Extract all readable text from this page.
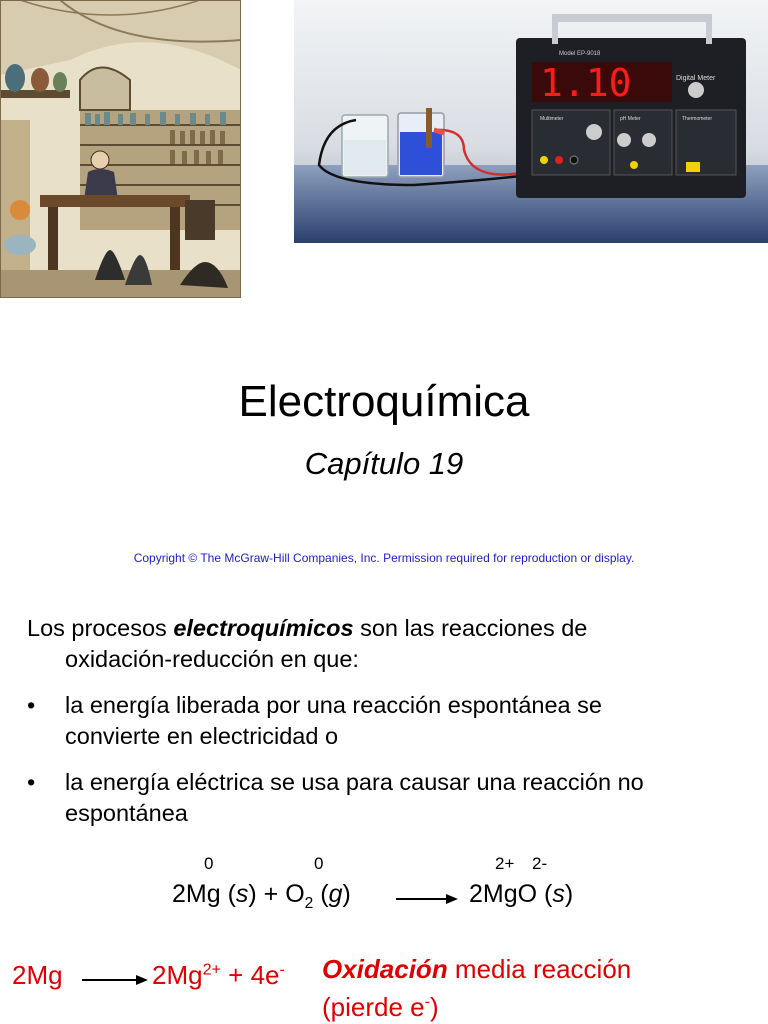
1.10	Digital Meter
Model EP-9018
Multimeter	pH Meter	Thermometer
Electroquímica
Capítulo 19
Copyright © The McGraw-Hill Companies, Inc. Permission required for reproduction or display.
Los procesos electroquímicos son las reacciones de
oxidación-reducción en que:
•	la energía liberada por una reacción espontánea se
convierte en electricidad o
•	la energía eléctrica se usa para causar una reacción no
espontánea
0	0	2+ 2-
2Mg $(s) + O_2$ (g)	→ 2MgO (s)
2Mg	$2Mg^{2+} + 4e^-$ Oxidación media reacción
(pierde e-)
